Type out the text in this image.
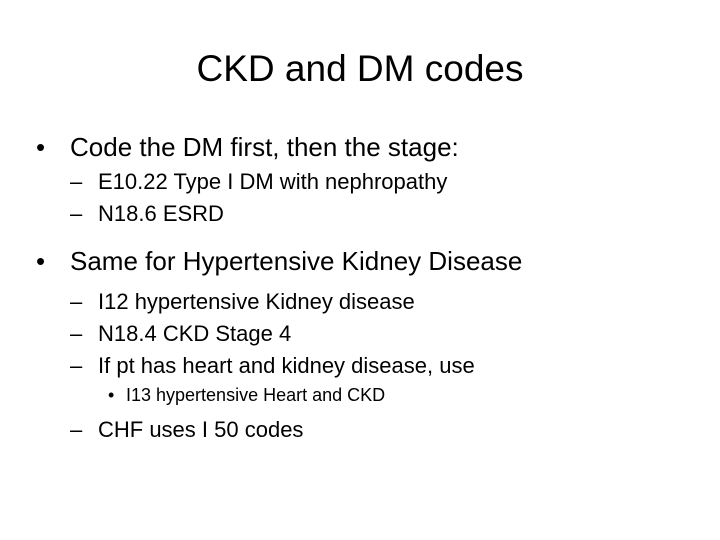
CKD and DM codes

• Code the DM first, then the stage:

– E10.22 Type I DM with nephropathy

– N18.6 ESRD

• Same for Hypertensive Kidney Disease

– I12 hypertensive Kidney disease

– N18.4 CKD Stage 4

– If pt has heart and kidney disease, use

• I13 hypertensive Heart and CKD

– CHF uses I 50 codes
